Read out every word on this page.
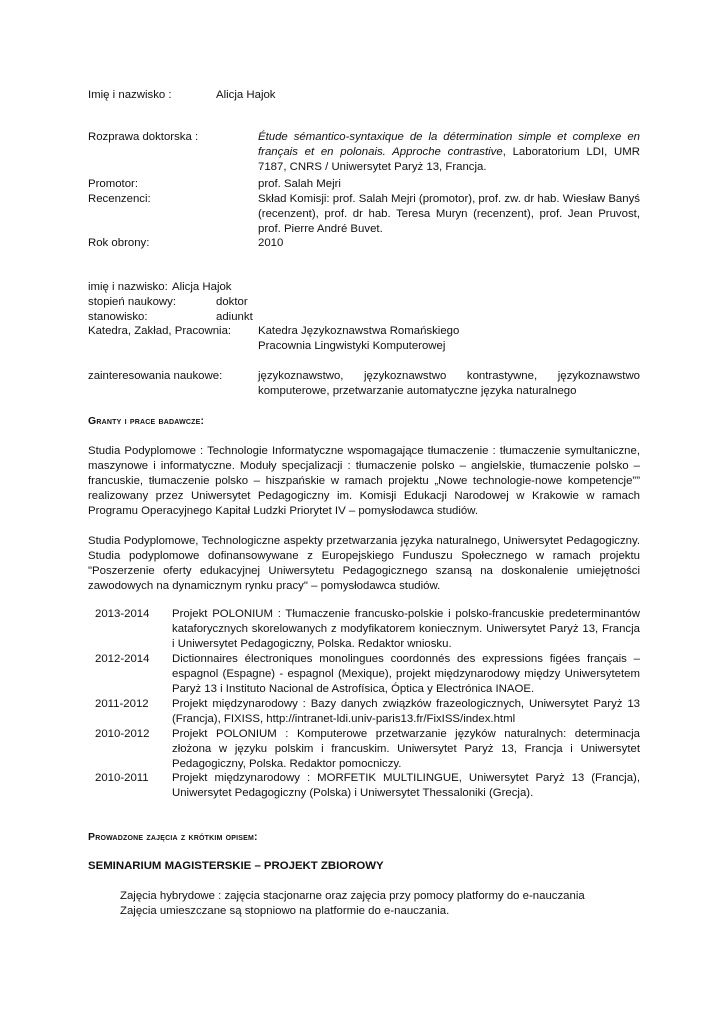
Imię i nazwisko :	Alicja Hajok
Rozprawa doktorska :	Étude sémantico-syntaxique de la détermination simple et complexe en français et en polonais. Approche contrastive, Laboratorium LDI, UMR 7187, CNRS / Uniwersytet Paryż 13, Francja.
Promotor:	prof. Salah Mejri
Recenzenci:	Skład Komisji: prof. Salah Mejri (promotor), prof. zw. dr hab. Wiesław Banyś (recenzent), prof. dr hab. Teresa Muryn (recenzent), prof. Jean Pruvost, prof. Pierre André Buvet.
Rok obrony:	2010
imię i nazwisko: Alicja Hajok
stopień naukowy:	doktor
stanowisko:	adiunkt
Katedra, Zakład, Pracownia: Katedra Językoznawstwa Romańskiego
Pracownia Lingwistyki Komputerowej
zainteresowania naukowe:	językoznawstwo, językoznawstwo kontrastywne, językoznawstwo komputerowe, przetwarzanie automatyczne języka naturalnego
Granty i prace badawcze:
Studia Podyplomowe : Technologie Informatyczne wspomagające tłumaczenie : tłumaczenie symultaniczne, maszynowe i informatyczne. Moduły specjalizacji : tłumaczenie polsko – angielskie, tłumaczenie polsko – francuskie, tłumaczenie polsko – hiszpańskie w ramach projektu „Nowe technologie-nowe kompetencje”” realizowany przez Uniwersytet Pedagogiczny im. Komisji Edukacji Narodowej w Krakowie w ramach Programu Operacyjnego Kapitał Ludzki Priorytet IV – pomysłodawca studiów.
Studia Podyplomowe, Technologiczne aspekty przetwarzania języka naturalnego, Uniwersytet Pedagogiczny. Studia podyplomowe dofinansowywane z Europejskiego Funduszu Społecznego w ramach projektu "Poszerzenie oferty edukacyjnej Uniwersytetu Pedagogicznego szansą na doskonalenie umiejętności zawodowych na dynamicznym rynku pracy" – pomysłodawca studiów.
2013-2014 Projekt POLONIUM : Tłumaczenie francusko-polskie i polsko-francuskie predeterminantów kataforycznych skorelowanych z modyfikatorem koniecznym. Uniwersytet Paryż 13, Francja i Uniwersytet Pedagogiczny, Polska. Redaktor wniosku.
2012-2014 Dictionnaires électroniques monolingues coordonnés des expressions figées français – espagnol (Espagne) - espagnol (Mexique), projekt międzynarodowy między Uniwersytetem Paryż 13 i Instituto Nacional de Astrofísica, Óptica y Electrónica INAOE.
2011-2012 Projekt międzynarodowy : Bazy danych związków frazeologicznych, Uniwersytet Paryż 13 (Francja), FIXISS, http://intranet-ldi.univ-paris13.fr/FixISS/index.html
2010-2012 Projekt POLONIUM : Komputerowe przetwarzanie języków naturalnych: determinacja złożona w języku polskim i francuskim. Uniwersytet Paryż 13, Francja i Uniwersytet Pedagogiczny, Polska. Redaktor pomocniczy.
2010-2011 Projekt międzynarodowy : MORFETIK MULTILINGUE, Uniwersytet Paryż 13 (Francja), Uniwersytet Pedagogiczny (Polska) i Uniwersytet Thessaloniki (Grecja).
Prowadzone zajęcia z krótkim opisem:
SEMINARIUM MAGISTERSKIE – PROJEKT ZBIOROWY
Zajęcia hybrydowe : zajęcia stacjonarne oraz zajęcia przy pomocy platformy do e-nauczania
Zajęcia umieszczane są stopniowo na platformie do e-nauczania.
